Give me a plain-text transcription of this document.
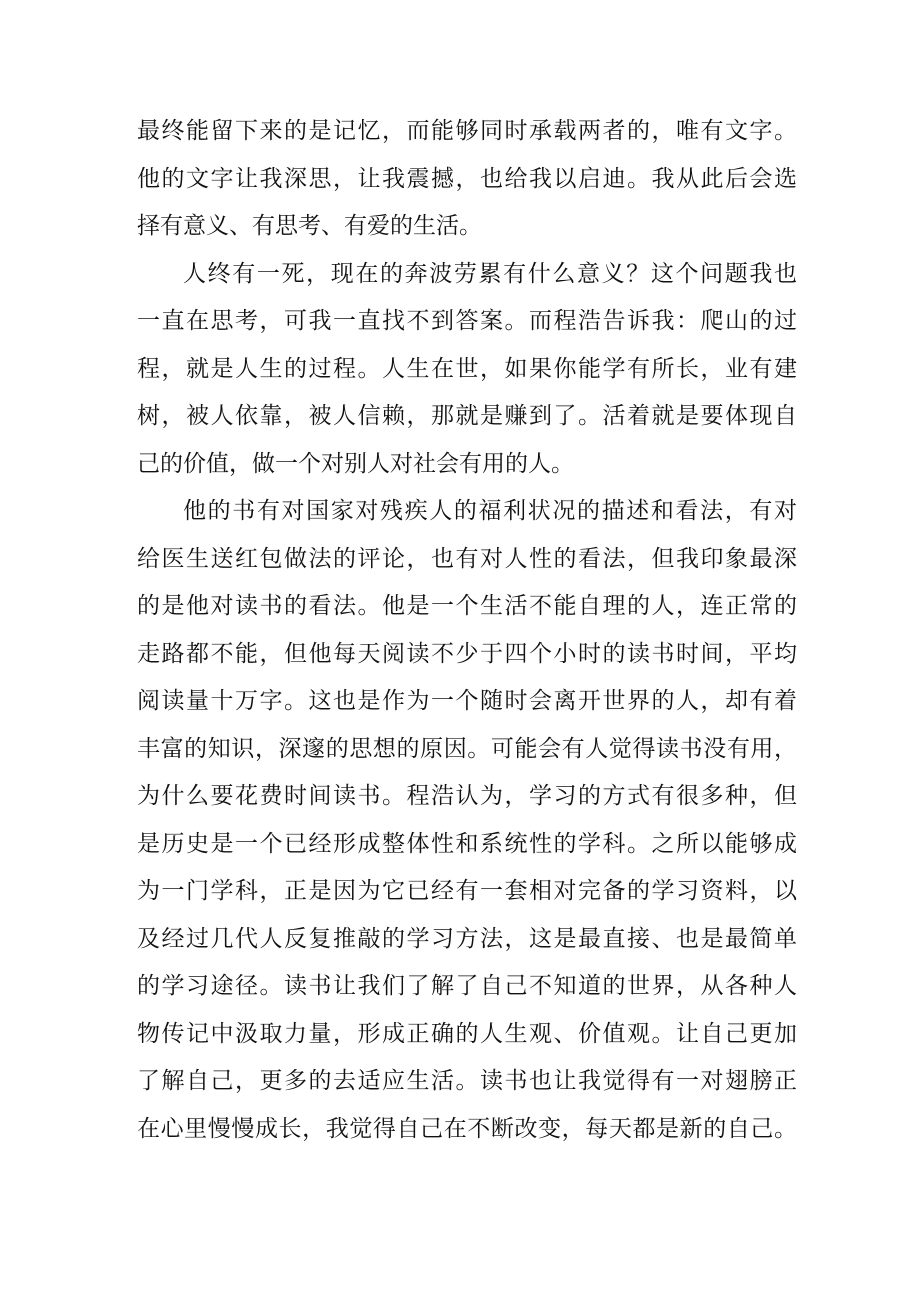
最终能留下来的是记忆，而能够同时承载两者的，唯有文字。
他的文字让我深思，让我震撼，也给我以启迪。我从此后会选
择有意义、有思考、有爱的生活。
人终有一死，现在的奔波劳累有什么意义？这个问题我也
一直在思考，可我一直找不到答案。而程浩告诉我：爬山的过
程，就是人生的过程。人生在世，如果你能学有所长，业有建
树，被人依靠，被人信赖，那就是赚到了。活着就是要体现自
己的价值，做一个对别人对社会有用的人。
他的书有对国家对残疾人的福利状况的描述和看法，有对
给医生送红包做法的评论，也有对人性的看法，但我印象最深
的是他对读书的看法。他是一个生活不能自理的人，连正常的
走路都不能，但他每天阅读不少于四个小时的读书时间，平均
阅读量十万字。这也是作为一个随时会离开世界的人，却有着
丰富的知识，深邃的思想的原因。可能会有人觉得读书没有用，
为什么要花费时间读书。程浩认为，学习的方式有很多种，但
是历史是一个已经形成整体性和系统性的学科。之所以能够成
为一门学科，正是因为它已经有一套相对完备的学习资料，以
及经过几代人反复推敲的学习方法，这是最直接、也是最简单
的学习途径。读书让我们了解了自己不知道的世界，从各种人
物传记中汲取力量，形成正确的人生观、价值观。让自己更加
了解自己，更多的去适应生活。读书也让我觉得有一对翅膀正
在心里慢慢成长，我觉得自己在不断改变，每天都是新的自己。
